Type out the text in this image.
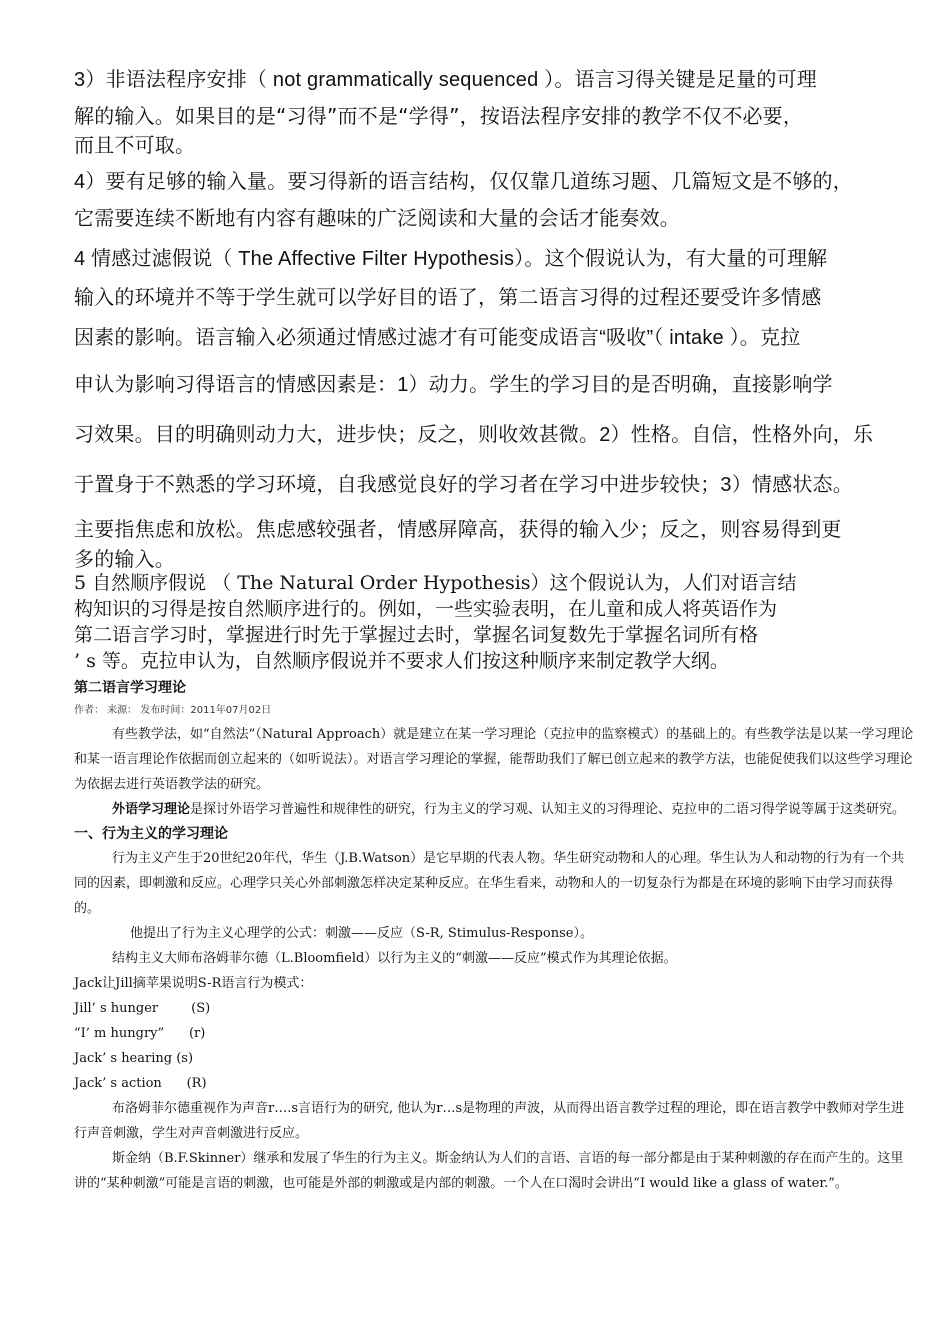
3）非语法程序安排（ not grammatically sequenced ）。语言习得关键是足量的可理

解的输入。如果目的是“习得”而不是“学得”，按语法程序安排的教学不仅不必要，

而且不可取。

4）要有足够的输入量。要习得新的语言结构，仅仅靠几道练习题、几篇短文是不够的，

它需要连续不断地有内容有趣味的广泛阅读和大量的会话才能奏效。

4 情感过滤假说（ The Affective Filter Hypothesis）。这个假说认为，有大量的可理解

输入的环境并不等于学生就可以学好目的语了，第二语言习得的过程还要受许多情感

因素的影响。语言输入必须通过情感过滤才有可能变成语言“吸收”（ intake ）。克拉

申认为影响习得语言的情感因素是：1）动力。学生的学习目的是否明确，直接影响学

习效果。目的明确则动力大，进步快；反之，则收效甚微。2）性格。自信，性格外向，乐

于置身于不熟悉的学习环境，自我感觉良好的学习者在学习中进步较快；3）情感状态。

主要指焦虑和放松。焦虑感较强者，情感屏障高，获得的输入少；反之，则容易得到更

多的输入。

5 自然顺序假说 （ The Natural Order Hypothesis）这个假说认为，人们对语言结

构知识的习得是按自然顺序进行的。例如，一些实验表明，在儿童和成人将英语作为

第二语言学习时，掌握进行时先于掌握过去时，掌握名词复数先于掌握名词所有格

’ s 等。克拉申认为，自然顺序假说并不要求人们按这种顺序来制定教学大纲。

第二语言学习理论

作者： 来源： 发布时间：2011年07月02日

有些教学法，如“自然法”（Natural Approach）就是建立在某一学习理论（克拉申的监察模式）的基础上的。有些教学法是以某一学习理论和某一语言理论作依据而创立起来的（如听说法）。对语言学习理论的掌握，能帮助我们了解已创立起来的教学方法，也能促使我们以这些学习理论为依据去进行英语教学法的研究。

外语学习理论是探讨外语学习普遍性和规律性的研究，行为主义的学习观、认知主义的习得理论、克拉申的二语习得学说等属于这类研究。

一、行为主义的学习理论

行为主义产生于20世纪20年代，华生（J.B.Watson）是它早期的代表人物。华生研究动物和人的心理。华生认为人和动物的行为有一个共同的因素，即刺激和反应。心理学只关心外部刺激怎样决定某种反应。在华生看来，动物和人的一切复杂行为都是在环境的影响下由学习而获得的。

他提出了行为主义心理学的公式：刺激——反应（S-R, Stimulus-Response）。

结构主义大师布洛姆菲尔德（L.Bloomfield）以行为主义的“刺激——反应”模式作为其理论依据。

Jack让Jill摘苹果说明S-R语言行为模式：

Jill’ s hunger        (S)

“I’ m hungry”      (r)

Jack’ s hearing (s)

Jack’ s action      (R)

布洛姆菲尔德重视作为声音r….s言语行为的研究, 他认为r…s是物理的声波，从而得出语言教学过程的理论，即在语言教学中教师对学生进行声音刺激，学生对声音刺激进行反应。

斯金纳（B.F.Skinner）继承和发展了华生的行为主义。斯金纳认为人们的言语、言语的每一部分都是由于某种刺激的存在而产生的。这里讲的“某种刺激”可能是言语的刺激，也可能是外部的刺激或是内部的刺激。一个人在口渴时会讲出“I would like a glass of water.”。
